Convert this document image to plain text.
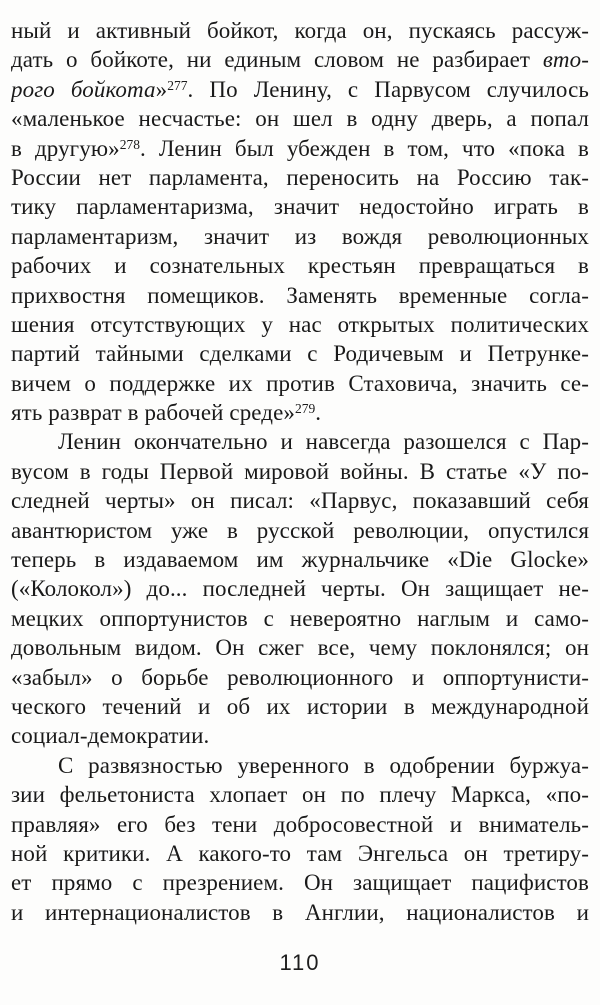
ный и активный бойкот, когда он, пускаясь рассуж-
дать о бойкоте, ни единым словом не разбирает вто-
рого бойкота»$^{277}$. По Ленину, с Парвусом случилось
«маленькое несчастье: он шел в одну дверь, а попал
в другую»$^{278}$. Ленин был убежден в том, что «пока в
России нет парламента, переносить на Россию так-
тику парламентаризма, значит недостойно играть в
парламентаризм, значит из вождя революционных
рабочих и сознательных крестьян превращаться в
прихвостня помещиков. Заменять временные согла-
шения отсутствующих у нас открытых политических
партий тайными сделками с Родичевым и Петрунке-
вичем о поддержке их против Стаховича, значить се-
ять разврат в рабочей среде»$^{279}$.
Ленин окончательно и навсегда разошелся с Пар-
вусом в годы Первой мировой войны. В статье «У по-
следней черты» он писал: «Парвус, показавший себя
авантюристом уже в русской революции, опустился
теперь в издаваемом им журнальчике «Die Glocke»
(«Колокол») до... последней черты. Он защищает не-
мецких оппортунистов с невероятно наглым и само-
довольным видом. Он сжег все, чему поклонялся; он
«забыл» о борьбе революционного и оппортунисти-
ческого течений и об их истории в международной
социал-демократии.
С развязностью уверенного в одобрении буржуа-
зии фельетониста хлопает он по плечу Маркса, «по-
правляя» его без тени добросовестной и вниматель-
ной критики. А какого-то там Энгельса он третиру-
ет прямо с презрением. Он защищает пацифистов
и интернационалистов в Англии, националистов и
110
